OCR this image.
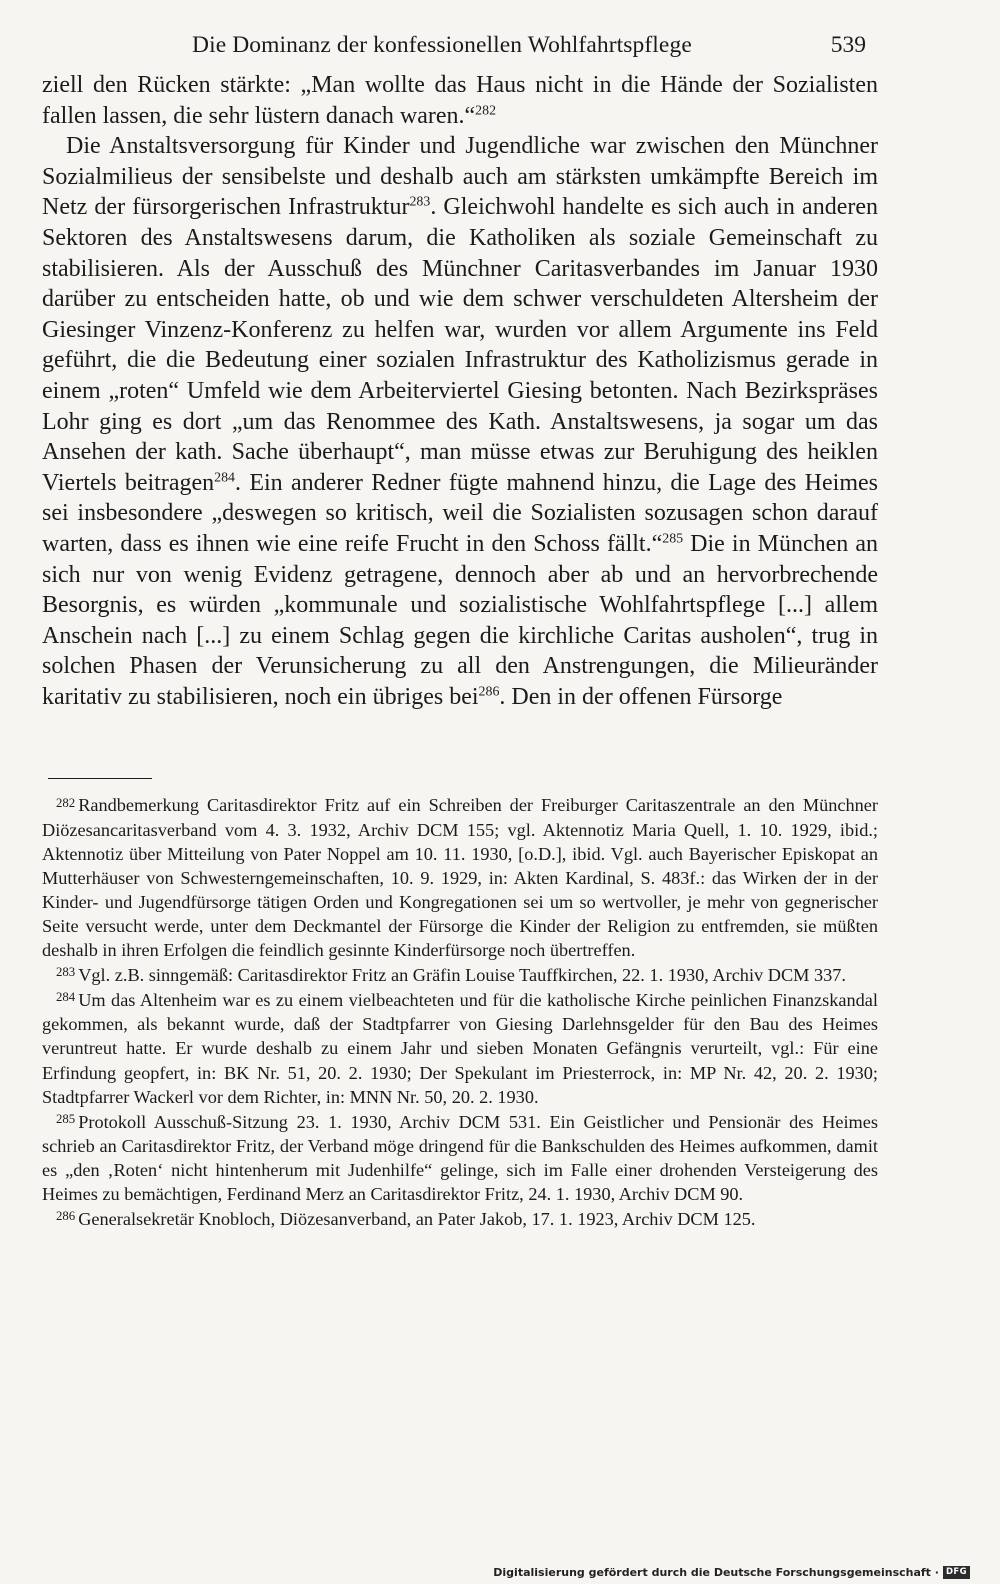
Die Dominanz der konfessionellen Wohlfahrtspflege	539

ziell den Rücken stärkte: „Man wollte das Haus nicht in die Hände der Sozialisten fallen lassen, die sehr lüstern danach waren.“$^{282}$

Die Anstaltsversorgung für Kinder und Jugendliche war zwischen den Münchner Sozialmilieus der sensibelste und deshalb auch am stärksten umkämpfte Bereich im Netz der fürsorgerischen Infrastruktur$^{283}$. Gleichwohl handelte es sich auch in anderen Sektoren des Anstaltswesens darum, die Katholiken als soziale Gemeinschaft zu stabilisieren. Als der Ausschuß des Münchner Caritasverbandes im Januar 1930 darüber zu entscheiden hatte, ob und wie dem schwer verschuldeten Altersheim der Giesinger Vinzenz-Konferenz zu helfen war, wurden vor allem Argumente ins Feld geführt, die die Bedeutung einer sozialen Infrastruktur des Katholizismus gerade in einem „roten“ Umfeld wie dem Arbeiterviertel Giesing betonten. Nach Bezirkspräses Lohr ging es dort „um das Renommee des Kath. Anstaltswesens, ja sogar um das Ansehen der kath. Sache überhaupt“, man müsse etwas zur Beruhigung des heiklen Viertels beitragen$^{284}$. Ein anderer Redner fügte mahnend hinzu, die Lage des Heimes sei insbesondere „deswegen so kritisch, weil die Sozialisten sozusagen schon darauf warten, dass es ihnen wie eine reife Frucht in den Schoss fällt.“$^{285}$ Die in München an sich nur von wenig Evidenz getragene, dennoch aber ab und an hervorbrechende Besorgnis, es würden „kommunale und sozialistische Wohlfahrtspflege [...] allem Anschein nach [...] zu einem Schlag gegen die kirchliche Caritas ausholen“, trug in solchen Phasen der Verunsicherung zu all den Anstrengungen, die Milieuränder karitativ zu stabilisieren, noch ein übriges bei$^{286}$. Den in der offenen Fürsorge

$^{282}$ Randbemerkung Caritasdirektor Fritz auf ein Schreiben der Freiburger Caritaszentrale an den Münchner Diözesancaritasverband vom 4. 3. 1932, Archiv DCM 155; vgl. Aktennotiz Maria Quell, 1. 10. 1929, ibid.; Aktennotiz über Mitteilung von Pater Noppel am 10. 11. 1930, [o.D.], ibid. Vgl. auch Bayerischer Episkopat an Mutterhäuser von Schwesterngemeinschaften, 10. 9. 1929, in: Akten Kardinal, S. 483f.: das Wirken der in der Kinder- und Jugendfürsorge tätigen Orden und Kongregationen sei um so wertvoller, je mehr von gegnerischer Seite versucht werde, unter dem Deckmantel der Fürsorge die Kinder der Religion zu entfremden, sie müßten deshalb in ihren Erfolgen die feindlich gesinnte Kinderfürsorge noch übertreffen.

$^{283}$ Vgl. z.B. sinngemäß: Caritasdirektor Fritz an Gräfin Louise Tauffkirchen, 22. 1. 1930, Archiv DCM 337.

$^{284}$ Um das Altenheim war es zu einem vielbeachteten und für die katholische Kirche peinlichen Finanzskandal gekommen, als bekannt wurde, daß der Stadtpfarrer von Giesing Darlehnsgelder für den Bau des Heimes veruntreut hatte. Er wurde deshalb zu einem Jahr und sieben Monaten Gefängnis verurteilt, vgl.: Für eine Erfindung geopfert, in: BK Nr. 51, 20. 2. 1930; Der Spekulant im Priesterrock, in: MP Nr. 42, 20. 2. 1930; Stadtpfarrer Wackerl vor dem Richter, in: MNN Nr. 50, 20. 2. 1930.

$^{285}$ Protokoll Ausschuß-Sitzung 23. 1. 1930, Archiv DCM 531. Ein Geistlicher und Pensionär des Heimes schrieb an Caritasdirektor Fritz, der Verband möge dringend für die Bankschulden des Heimes aufkommen, damit es „den ‚Roten‘ nicht hintenherum mit Judenhilfe“ gelinge, sich im Falle einer drohenden Versteigerung des Heimes zu bemächtigen, Ferdinand Merz an Caritasdirektor Fritz, 24. 1. 1930, Archiv DCM 90.

$^{286}$ Generalsekretär Knobloch, Diözesanverband, an Pater Jakob, 17. 1. 1923, Archiv DCM 125.

Digitalisierung gefördert durch die Deutsche Forschungsgemeinschaft · DFG
